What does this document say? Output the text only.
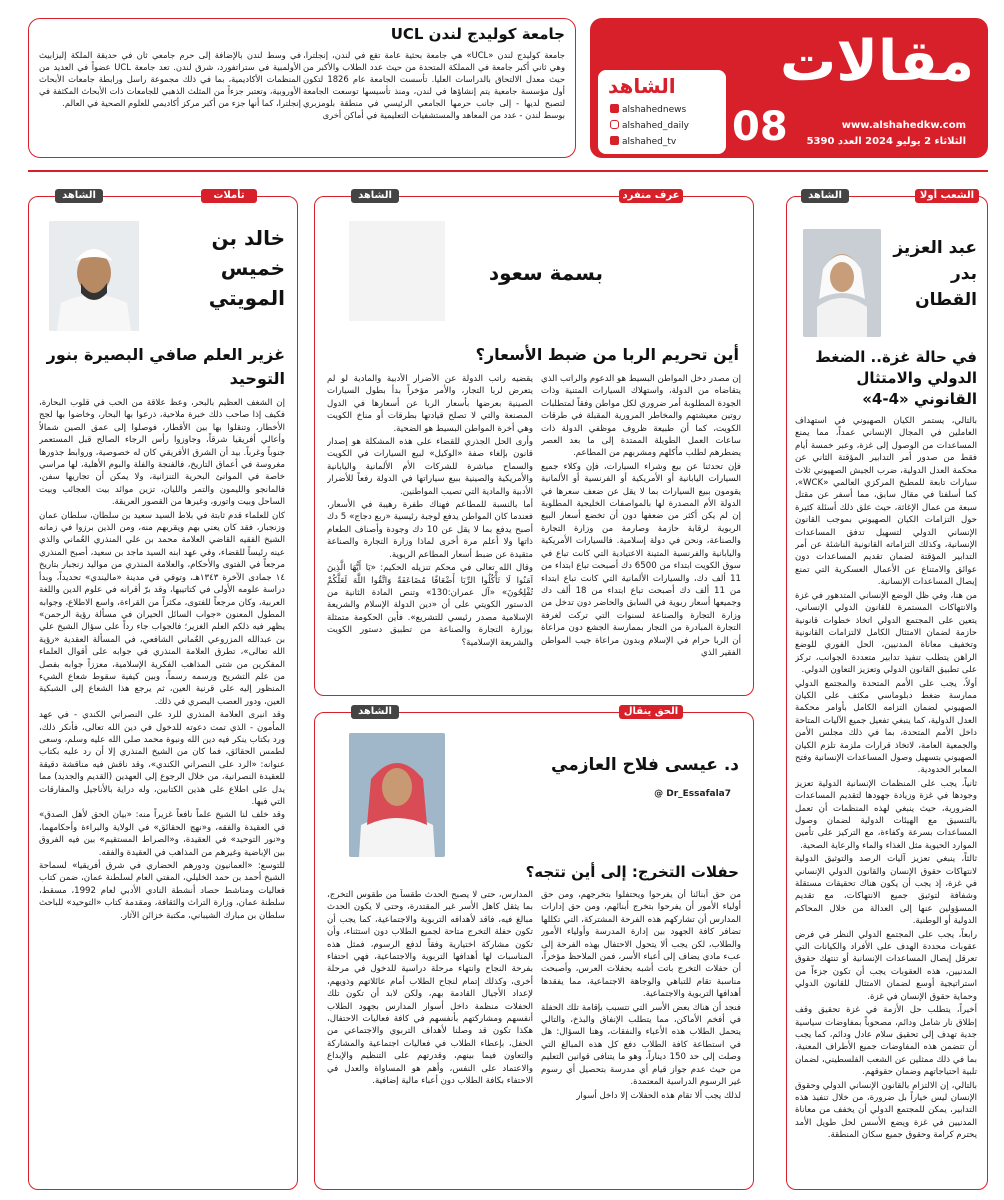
مقالات
www.alshahedkw.com
الثلاثاء 2 يوليو 2024 العدد 5390
08
الشاهد
alshahednews
alshahed_daily
alshahed_tv
جامعة كوليدج لندن UCL
جامعة كوليدج لندن «UCL» هي جامعة بحثية عامة تقع في لندن، إنجلترا، وهي ثاني أكبر جامعة في المملكة المتحدة من حيث عدد الطلاب والأكبر من حيث معدل الالتحاق بالدراسات العليا. تأسست الجامعة عام 1826 لتكون أول مؤسسة جامعية يتم إنشاؤها في لندن، ومنذ تأسيسها توسعت الجامعة لتصبح لديها - إلى جانب حرمها الجامعي الرئيسي في منطقة بلومزبري بوسط لندن - عدد من المعاهد والمستشفيات التعليمية في أماكن أخرى
في وسط لندن بالإضافة إلى حرم جامعي ثان في حديقة الملكة إليزابيث الأولمبية في ستراتفورد، شرق لندن. تعد جامعة UCL عضواً في العديد من المنظمات الأكاديمية، بما في ذلك مجموعة راسل ورابطة جامعات الأبحاث الأوروبية، وتعتبر جزءاً من المثلث الذهبي للجامعات ذات الأبحاث المكثفة في إنجلترا، كما أنها جزء من أكبر مركز أكاديمي للعلوم الصحية في العالم.
الشعب أولا
الشاهد
عبد العزيز بدر القطان
في حالة غزة.. الضغط الدولي والامتثال القانوني «4-4»

بالتالي، يستمر الكيان الصهيوني في استهداف العاملين في المجال الإنساني عمداً، مما يمنع المساعدات من الوصول إلى غزة، وعبر خمسة أيام فقط من صدور أمر التدابير المؤقتة الثاني عن محكمة العدل الدولية، ضرب الجيش الصهيوني ثلاث سيارات تابعة للمطبخ المركزي العالمي «WCK»، كما أسلفنا في مقال سابق، مما أسفر عن مقتل سبعة من عمال الإغاثة، حيث علق ذلك أسئلة كثيرة حول التزامات الكيان الصهيوني بموجب القانون الإنساني الدولي لتسهيل تدفق المساعدات الإنسانية، وكذلك التزاماته القانونية الناشئة عن أمر التدابير المؤقتة لضمان تقديم المساعدات دون عوائق والامتناع عن الأعمال العسكرية التي تمنع إيصال المساعدات الإنسانية.

من هنا، وفي ظل الوضع الإنساني المتدهور في غزة والانتهاكات المستمرة للقانون الدولي الإنساني، يتعين على المجتمع الدولي اتخاذ خطوات قانونية حازمة لضمان الامتثال الكامل لالتزامات القانونية وتخفيف معاناة المدنيين، الحل الفوري للوضع الراهن يتطلب تنفيذ تدابير متعددة الجوانب، تركز على تطبيق القانون الدولي وتعزيز التعاون الدولي.

أولاً، يجب على الأمم المتحدة والمجتمع الدولي ممارسة ضغط دبلوماسي مكثف على الكيان الصهيوني لضمان التزامه الكامل بأوامر محكمة العدل الدولية، كما ينبغي تفعيل جميع الآليات المتاحة داخل الأمم المتحدة، بما في ذلك مجلس الأمن والجمعية العامة، لاتخاذ قرارات ملزمة تلزم الكيان الصهيوني بتسهيل وصول المساعدات الإنسانية وفتح المعابر الحدودية.

ثانياً، يجب على المنظمات الإنسانية الدولية تعزيز وجودها في غزة وزيادة جهودها لتقديم المساعدات الضرورية، حيث ينبغي لهذه المنظمات أن تعمل بالتنسيق مع الهيئات الدولية لضمان وصول المساعدات بسرعة وكفاءة، مع التركيز على تأمين الموارد الحيوية مثل الغذاء والماء والرعاية الصحية.

ثالثاً، ينبغي تعزيز آليات الرصد والتوثيق الدولية لانتهاكات حقوق الإنسان والقانون الدولي الإنساني في غزة، إذ يجب أن يكون هناك تحقيقات مستقلة وشفافة لتوثيق جميع الانتهاكات، مع تقديم المسؤولين عنها إلى العدالة من خلال المحاكم الدولية أو الوطنية.

رابعاً، يجب على المجتمع الدولي النظر في فرض عقوبات محددة الهدف على الأفراد والكيانات التي تعرقل إيصال المساعدات الإنسانية أو تنتهك حقوق المدنيين، هذه العقوبات يجب أن تكون جزءاً من استراتيجية أوسع لضمان الامتثال للقانون الدولي وحماية حقوق الإنسان في غزة.

أخيراً، يتطلب حل الأزمة في غزة تحقيق وقف إطلاق نار شامل ودائم، مصحوباً بمفاوضات سياسية جدية تهدف إلى تحقيق سلام عادل ودائم، كما يجب أن تتضمن هذه المفاوضات جميع الأطراف المعنية، بما في ذلك ممثلين عن الشعب الفلسطيني، لضمان تلبية احتياجاتهم وضمان حقوقهم.

بالتالي، إن الالتزام بالقانون الإنساني الدولي وحقوق الإنسان ليس خياراً بل ضرورة، من خلال تنفيذ هذه التدابير، يمكن للمجتمع الدولي أن يخفف من معاناة المدنيين في غزة ويضع الأسس لحل طويل الأمد يحترم كرامة وحقوق جميع سكان المنطقة.

عرف منفرد
الشاهد
بسمة سعود
أين تحريم الربا من ضبط الأسعار؟

إن مصدر دخل المواطن البسيط هو الدعوم والراتب الذي يتقاضاه من الدولة، واستهلاك السيارات المتنية وذات الجودة المطلوبة أمر ضروري لكل مواطن وفقاً لمتطلبات روتين معيشتهم والمخاطر المرورية المقبلة في طرقات الكويت، كما أن طبيعة ظروف موظفي الدولة ذات ساعات العمل الطويلة الممتدة إلى ما بعد العصر يضطرهم لطلب مأكلهم ومشربهم من المطاعم.

فإن تحدثنا عن بيع وشراء السيارات، فإن وكلاء جميع السيارات اليابانية أو الأمريكية أو الفرنسية أو الألمانية يقومون ببيع السيارات بما لا يقل عن ضعف سعرها في الدولة الأم المصدرة لها بالمواصفات الخليجية المطلوبة إن لم يكن أكثر من ضعفها دون أن تخضع أسعار البيع الربوية لرقابة حازمة وصارمة من وزارة التجارة والصناعة، ونحن في دولة إسلامية. فالسيارات الأمريكية واليابانية والفرنسية المتينة الاعتيادية التي كانت تباع في سوق الكويت ابتداء من 6500 دك أصبحت تباع ابتداء من 11 ألف دك، والسيارات الألمانية التي كانت تباع ابتداء من 11 ألف دك أصبحت تباع ابتداء من 18 ألف دك وجميعها أسعار ربوية في السابق والحاضر دون تدخل من وزارة التجارة والصناعة لسنوات التي تركت لغرفة التجارة المبادرة من التجار بممارسة الجشع دون مراعاة أن الربا حرام في الإسلام وبدون مراعاة جيب المواطن الفقير الذي

يقضيه راتب الدولة عن الأضرار الأدبية والمادية لو لم يتعرض لربا التجار، والأمر مؤخراً بدأ بطول السيارات الصينية بعرضها بأسعار الربا عن أسعارها في الدول المصنعة والتي لا تصلح قيادتها بطرقات أو مناخ الكويت وهي أخرة المواطن البسيط هو الضحية.

وأرى الحل الجذري للقضاء على هذه المشكلة هو إصدار قانون بإلغاء صفة «الوكيل» لبيع السيارات في الكويت والسماح مباشرة للشركات الأم الألمانية واليابانية والأمريكية والصينية ببيع سياراتها في الدولة رفعاً للأضرار الأدبية والمادية التي تصيب المواطنين.

أما بالنسبة للمطاعم فهناك طفرة رهيبة في الأسعار، فعندما كان المواطن يدفع لوجبة رئيسية «ربع دجاج» 5 دك أصبح يدفع بما لا يقل عن 10 دك وجودة وأصناف الطعام ذاتها ولا أعلم مرة أخرى لماذا وزارة التجارة والصناعة متقيدة عن ضبط أسعار المطاعم الربوية.

وقال الله تعالى في محكم تنزيله الحكيم: «يَا أَيُّهَا الَّذِينَ آمَنُوا لَا تَأْكُلُوا الرِّبَا أَضْعَافًا مُضَاعَفَةً وَاتَّقُوا اللَّهَ لَعَلَّكُمْ تُفْلِحُونَ» «آل عمران:130» وتنص المادة الثانية من الدستور الكويتي على أن «دين الدولة الإسلام والشريعة الإسلامية مصدر رئيسي للتشريع». فأين الحكومة متمثلة بوزارة التجارة والصناعة من تطبيق دستور الكويت والشريعة الإسلامية؟

الحق ينقال
الشاهد
د. عيسى فلاح العازمي
@ Dr_Essafala7
حفلات التخرج: إلى أين تتجه؟

من حق أبنائنا أن يفرحوا ويحتفلوا بتخرجهم، ومن حق أولياء الأمور أن يفرحوا بتخرج أبنائهم، ومن حق إدارات المدارس أن تشاركهم هذه الفرحة المشتركة، التي تكللها تضافر كافة الجهود بين إدارة المدرسة وأولياء الأمور والطلاب، لكن يجب ألا يتحول الاحتفال بهذه الفرحة إلى عبء مادي يضاف إلى أعباء الأسر، فمن الملاحظ مؤخراً، أن حفلات التخرج باتت أشبه بحفلات العرس، وأصبحت مناسبة تقام للتباهي والوجاهة الاجتماعية، مما يفقدها أهدافها التربوية والاجتماعية.

فنجد أن هناك بعض الأسر التي تتسبب بإقامة تلك الحفلة في أفخم الأماكن، مما يتطلب الإنفاق والبذخ، والتالي يتحمل الطلاب هذه الأعباء والنفقات، وهنا السؤال: هل في استطاعة كافة الطلاب دفع كل هذه المبالغ التي وصلت إلى حد 150 ديناراً، وهو ما يتنافى قوانين التعليم من حيث عدم جواز قيام أي مدرسة بتحصيل أي رسوم غير الرسوم الدراسية المعتمدة.

لذلك يجب ألا تقام هذه الحفلات إلا داخل أسوار

المدارس، حتى لا يصبح الحدث طقساً من طقوس التخرج، بما يثقل كاهل الأسر غير المقتدرة، وحتى لا يكون الحدث مبالغ فيه، فاقد لأهدافه التربوية والاجتماعية، كما يجب أن تكون حفلة التخرج متاحة لجميع الطلاب دون استثناء، وأن تكون مشاركة اختيارية وفقاً لدفع الرسوم، فمثل هذه المناسبات لها أهدافها التربوية والاجتماعية، فهي احتفاء بفرحة النجاح وانتهاء مرحلة دراسية للدخول في مرحلة أخرى، وكذلك إتمام لنجاح الطلاب أمام عائلاتهم وذويهم، لإعداد الأجيال القادمة بهم، ولكن لابد أن تكون تلك الحفلات منظمة داخل أسوار المدارس بجهود الطلاب أنفسهم ومشاركتهم بأنفسهم في كافة فعاليات الاحتفال، هكذا تكون قد وصلنا لأهداف التربوي والاجتماعي من الحفل، بإعطاء الطلاب في فعاليات اجتماعية والمشاركة والتعاون فيما بينهم، وقدرتهم على التنظيم والإبداع والاعتماد على النفس، وأهم هو المساواة والعدل في الاحتفاء بكافة الطلاب دون أعباء مالية إضافية.

تأملات
الشاهد
خالد بن خميس المويتي
غزير العلم صافي البصيرة بنور التوحيد

إن الشغف العظيم بالبحر، وعظ علاقة من الحب في قلوب البحارة، فكيف إذا صاحب ذلك خبرة ملاحية، ذرعوا بها البحار، وخاضوا بها لجج الأخطار، وتنقلوا بها بين الأقطار، فوصلوا إلى عمق الصين شمالاً وأعالي أفريقيا شرقاً، وجاوزوا رأس الرجاء الصالح قبل المستعمر جنوباً وغرباً. بيد أن الشرق الأفريقي كان له خصوصية، وروابط جذورها مغروسة في أعماق التاريخ، فالفنجة والفلة والبوم الأهلية، لها مراسي خاصة في الموانئ البحرية التنزانية، ولا يمكن أن تجاريها سفن، فالمانجو والليمون والتمر والليان، تزين موائد بيت العجائب وبيت الساحل وبيت واتورو، وغيرها من القصور العريقة.

كان للعلماء قدم ثابتة في بلاط السيد سعيد بن سلطان، سلطان عمان وزنجبار، فقد كان يعني بهم ويقربهم منه، ومن الذين برزوا في زمانه الشيخ الفقيه القاضي العلامة محمد بن علي المنذري العُماني والذي عينه رئيساً للقضاء، وفي عهد ابنه السيد ماجد بن سعيد، أصبح المنذري مرجعاً في الفتوى والأحكام، والعلامة المنذري من مواليد زنجبار بتاريخ ١٤ جمادى الآخرة ١٣٤٣هـ، وتوفي في مدينة «ماليندي» تحديداً، وبدأ دراسة علومه الأولى في كتاتيبها، وقد برّ أقرانه في علوم الدين واللغة العربية، وكان مرجعاً للفتوى، مكثراً من القراءة، واسع الاطلاع، وجوابه المطول المعنون «جواب السائل الحيران في مسألة رؤية الرحمن» يظهر فيه ذلكم العلم الغزير؛ فالجواب جاء رداً على سؤال الشيخ علي بن عبدالله المزروعي العُماني الشافعي، في المسألة العقدية «رؤية الله تعالى»، تطرق العلامة المنذري في جوابه على أقوال العلماء المفكرين من شتى المذاهب الفكرية الإسلامية، معززاً جوابه بفصل من علم التشريح ورسمه رسماً، وبين كيفية سقوط شعاع الشيء المنظور إليه على قرنية العين، ثم يرجع هذا الشعاع إلى الشبكية العين، ودور العصب البصري في ذلك.

وقد انبرى العلامة المنذري للرد على النصراني الكندي - في عهد المأمون - الذي تمت دعوته للدخول في دين الله تعالى، فأنكر ذلك، ورد بكتاب ينكر فيه دين الله ونبوة محمد صلى الله عليه وسلم، وسعى لطمس الحقائق، فما كان من الشيخ المنذري إلا أن رد عليه بكتاب عنوانه: «الرد على النصراني الكندي»، وقد ناقش فيه مناقشة دقيقة للعقيدة النصرانية، من خلال الرجوع إلى العهدين (القديم والجديد) مما يدل على اطلاع على هذين الكتابين، وله دراية بالأناجيل والمفارقات التي فيها.

وقد خلف لنا الشيخ علماً نافعاً غزيراً منه: «بيان الحق لأهل الصدق» في العقيدة والفقه، و«نهج الحقائق» في الولاية والبراءة وأحكامهما، و«نور التوحيد» في العقيدة، و«الصراط المستقيم» بين فيه الفروق بين الإباضية وغيرهم من المذاهب في العقيدة والفقه.

للتوسع: «العمانيون ودورهم الحضاري في شرق أفريقيا» لسماحة الشيخ أحمد بن حمد الخليلي، المفتي العام لسلطنة عمان، ضمن كتاب فعاليات ومناشط حصاد أنشطة النادي الأدبي لعام 1992، مسقط، سلطنة عمان، وزارة التراث والثقافة، ومقدمة كتاب «التوحيد» للباحث سلطان بن مبارك الشيباني، مكتبة خزائن الآثار.
